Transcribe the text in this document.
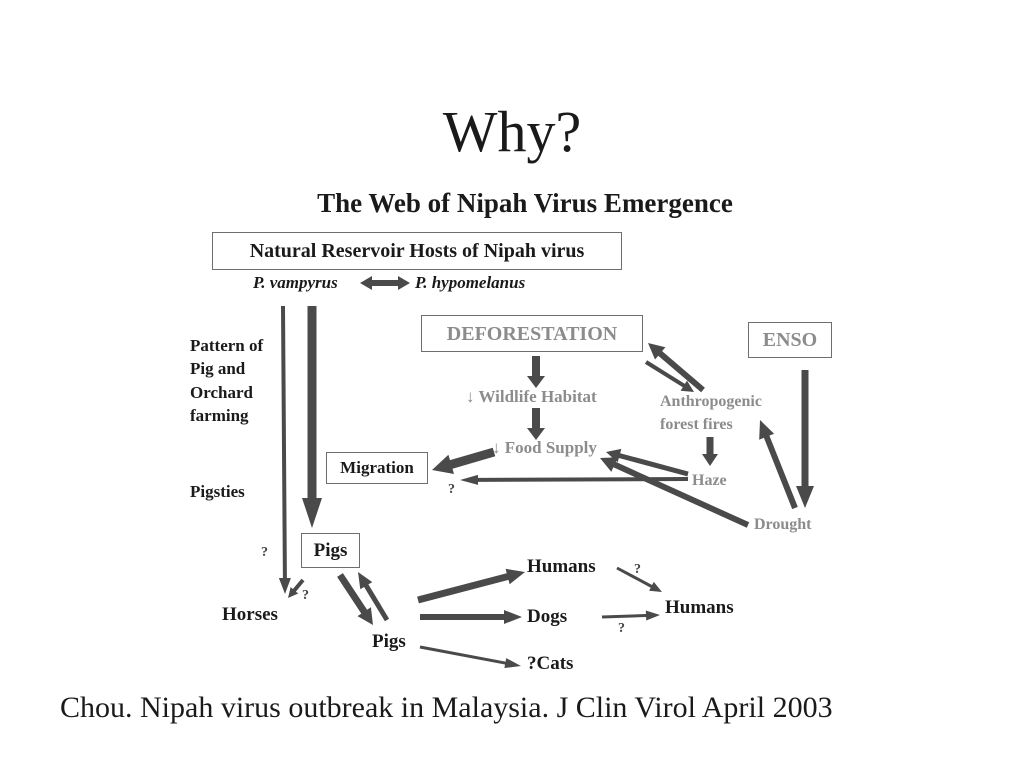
Why?
The Web of Nipah Virus Emergence
Natural Reservoir Hosts of Nipah virus
P. vampyrus	P. hypomelanus
Pattern of
Pig and
Orchard
farming
Pigsties
DEFORESTATION	ENSO
↓ Wildlife Habitat
↓ Food Supply
Anthropogenic
forest fires
Haze
Drought
Migration
?
Pigs
?
?
Horses
Pigs
Humans
Dogs
?Cats
?
?
Humans
Chou. Nipah virus outbreak in Malaysia. J Clin Virol April 2003
